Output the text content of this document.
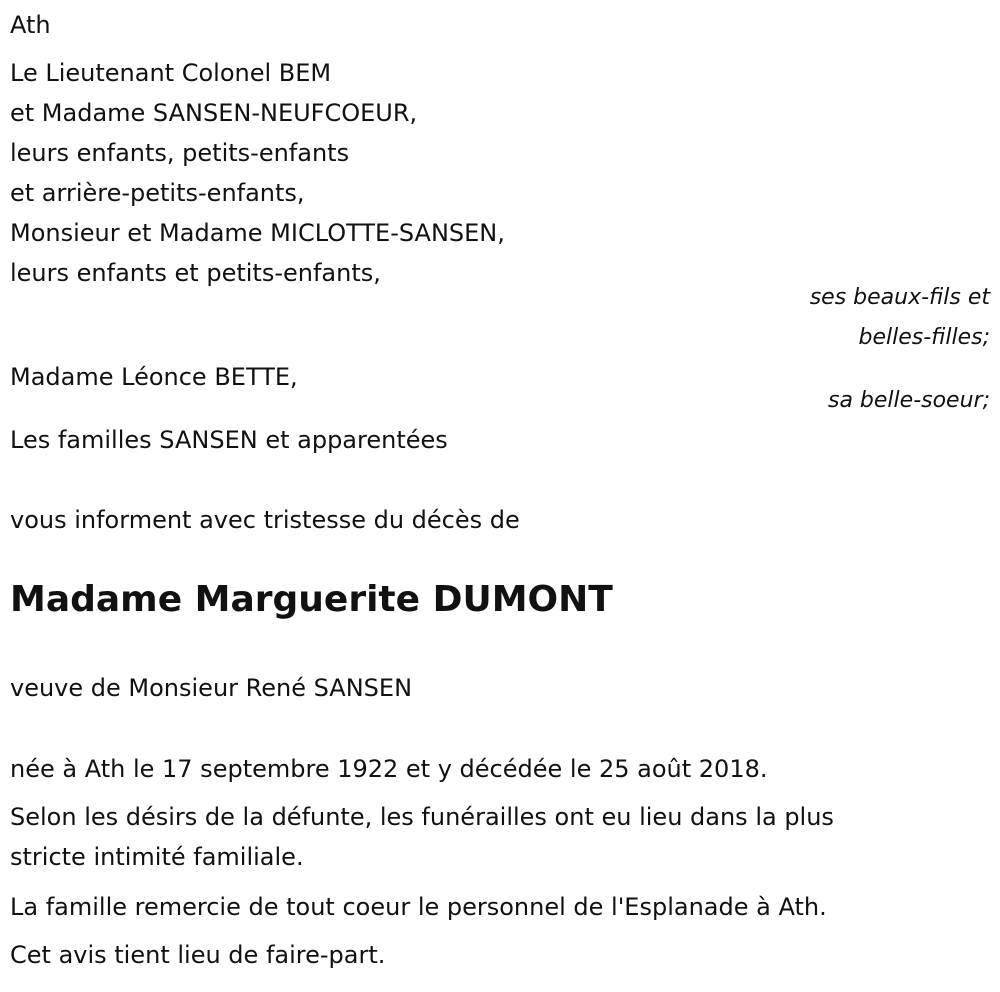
Ath
Le Lieutenant Colonel BEM
et Madame SANSEN-NEUFCOEUR,
leurs enfants, petits-enfants
et arrière-petits-enfants,
Monsieur et Madame MICLOTTE-SANSEN,
leurs enfants et petits-enfants,
ses beaux-fils et
belles-filles;
Madame Léonce BETTE,
sa belle-soeur;
Les familles SANSEN et apparentées
vous informent avec tristesse du décès de
Madame Marguerite DUMONT
veuve de Monsieur René SANSEN
née à Ath le 17 septembre 1922 et y décédée le 25 août 2018.
Selon les désirs de la défunte, les funérailles ont eu lieu dans la plus
stricte intimité familiale.
La famille remercie de tout coeur le personnel de l'Esplanade à Ath.
Cet avis tient lieu de faire-part.
